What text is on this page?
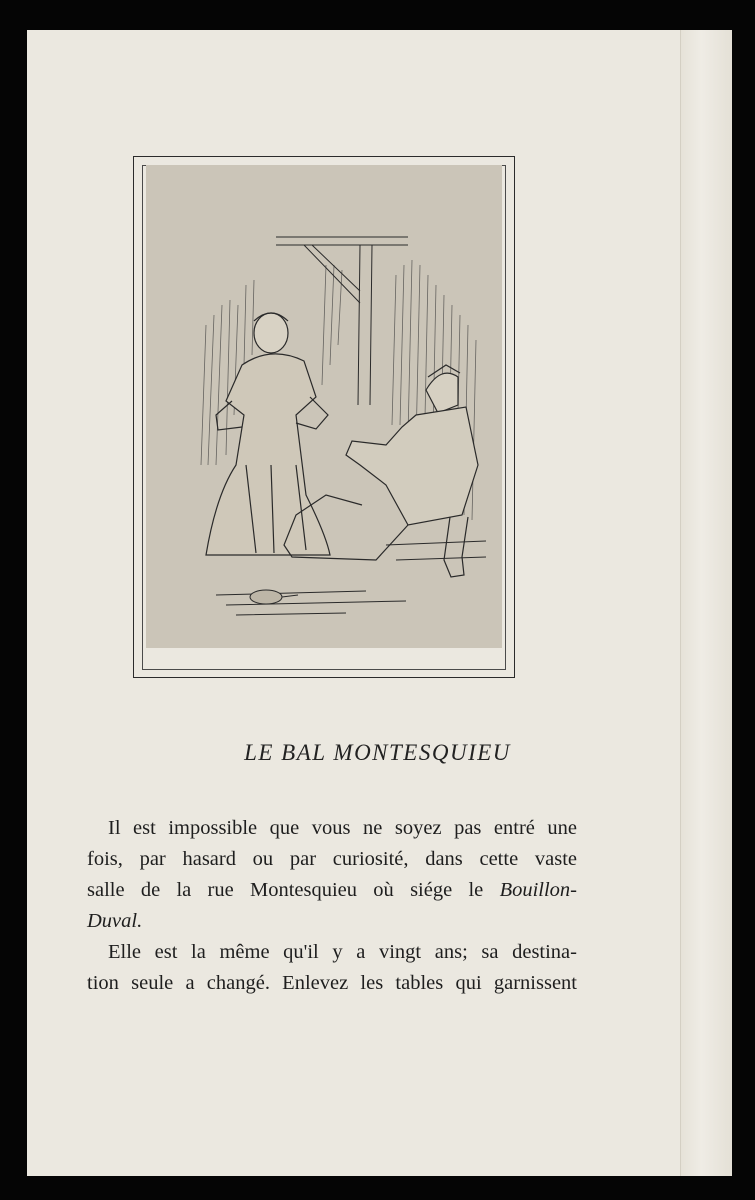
LE BAL MONTESQUIEU

Il est impossible que vous ne soyez pas entré une
fois, par hasard ou par curiosité, dans cette vaste
salle de la rue Montesquieu où siége le Bouillon-
Duval.

Elle est la même qu'il y a vingt ans; sa destina-
tion seule a changé. Enlevez les tables qui garnissent
